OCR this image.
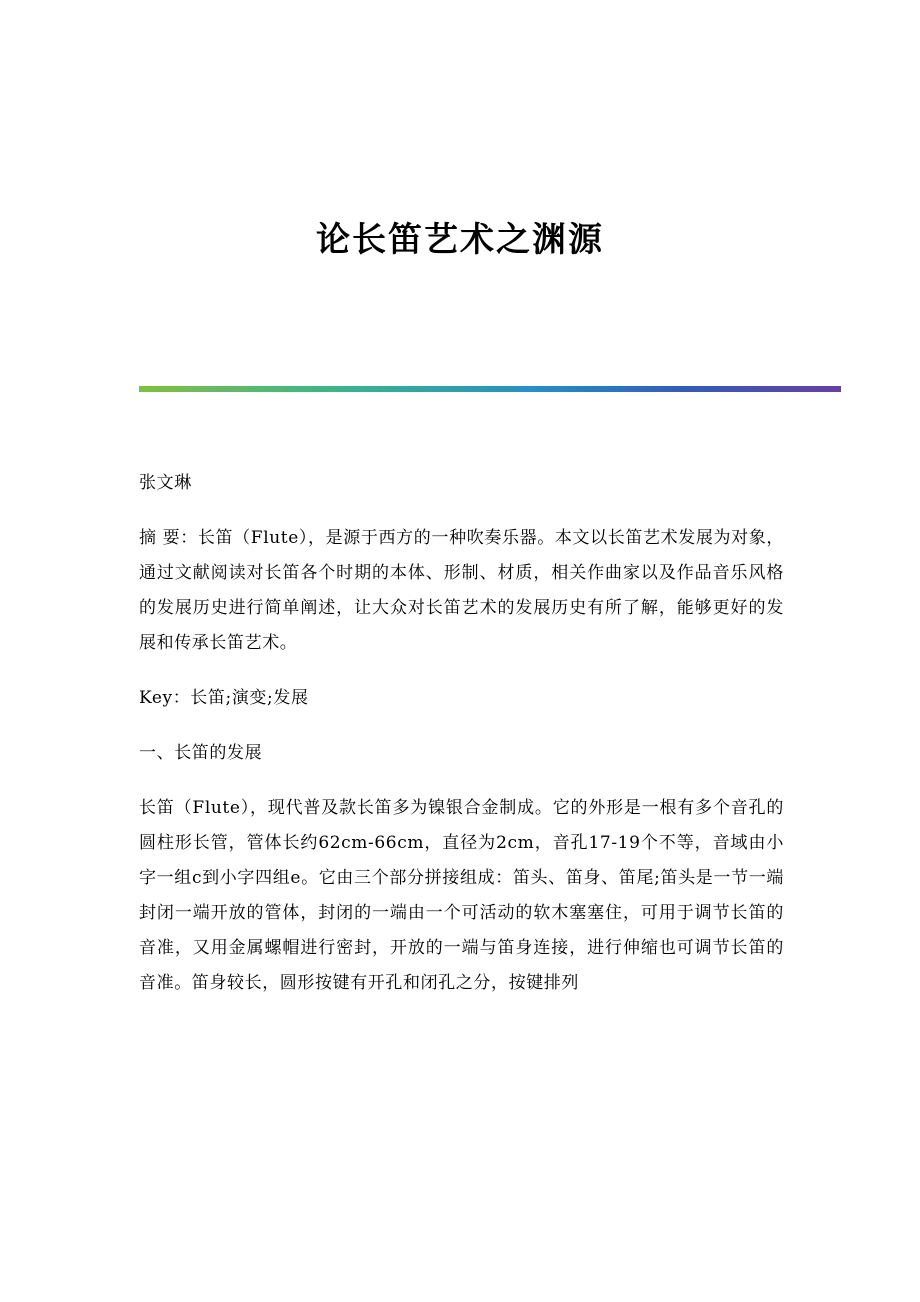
论长笛艺术之渊源

张文琳

摘 要：长笛（Flute），是源于西方的一种吹奏乐器。本文以长笛艺术发展为对象，通过文献阅读对长笛各个时期的本体、形制、材质，相关作曲家以及作品音乐风格的发展历史进行简单阐述，让大众对长笛艺术的发展历史有所了解，能够更好的发展和传承长笛艺术。

Key：长笛;演变;发展

一、长笛的发展

长笛（Flute），现代普及款长笛多为镍银合金制成。它的外形是一根有多个音孔的圆柱形长管，管体长约62cm-66cm，直径为2cm，音孔17-19个不等，音域由小字一组c到小字四组e。它由三个部分拼接组成：笛头、笛身、笛尾;笛头是一节一端封闭一端开放的管体，封闭的一端由一个可活动的软木塞塞住，可用于调节长笛的音准，又用金属螺帽进行密封，开放的一端与笛身连接，进行伸缩也可调节长笛的音准。笛身较长，圆形按键有开孔和闭孔之分，按键排列
